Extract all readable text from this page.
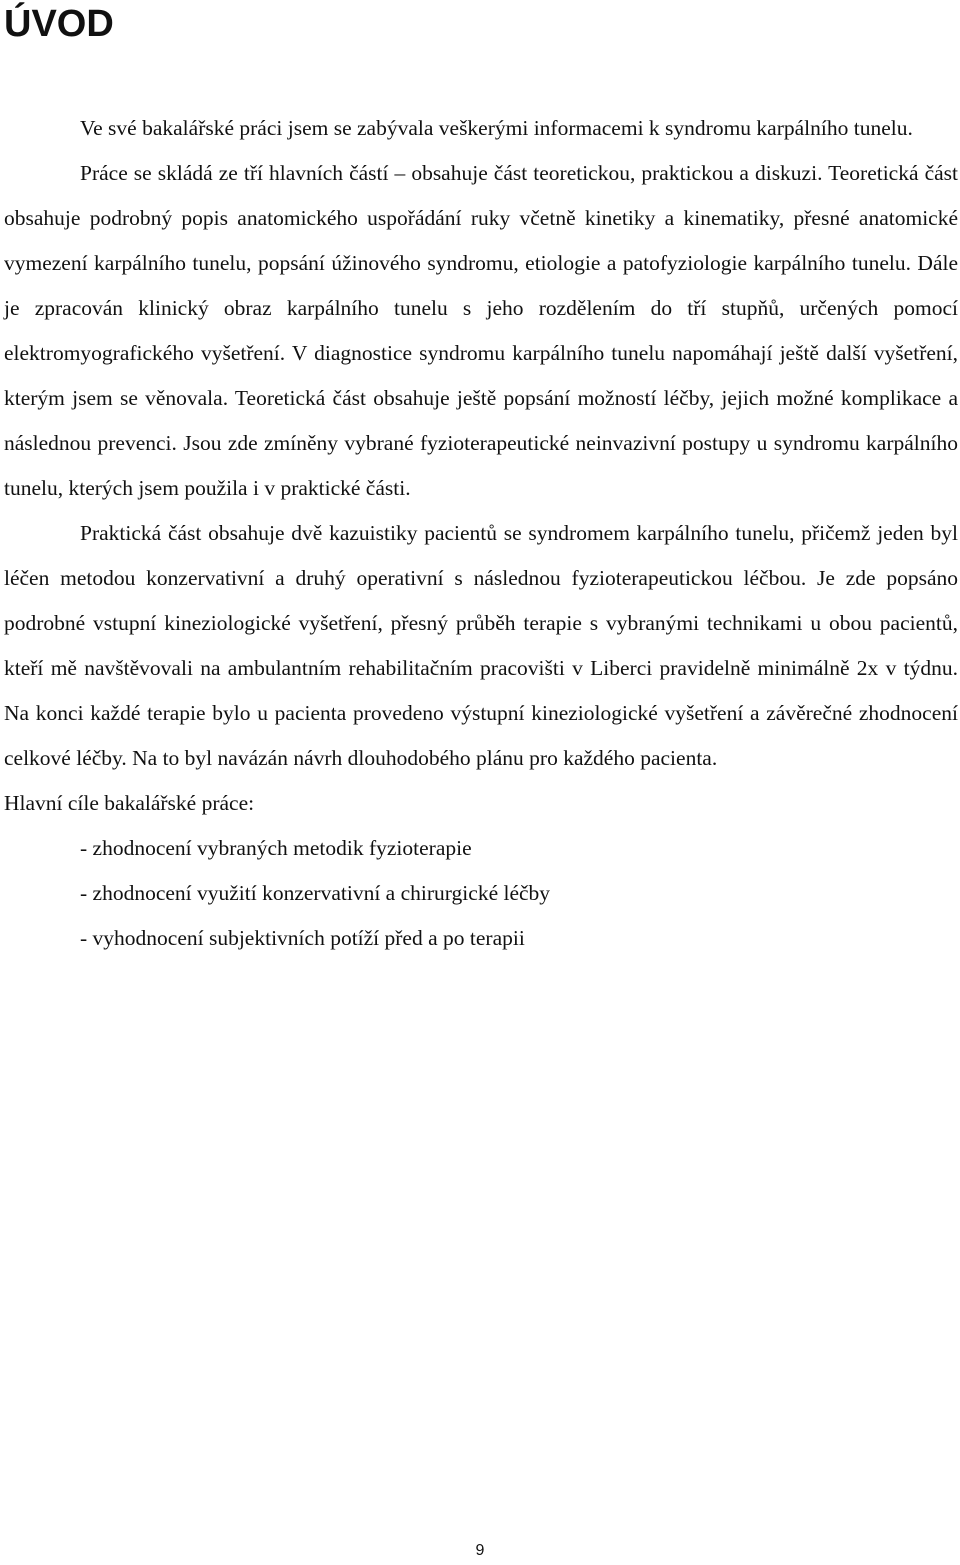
ÚVOD

Ve své bakalářské práci jsem se zabývala veškerými informacemi k syndromu karpálního tunelu.

Práce se skládá ze tří hlavních částí – obsahuje část teoretickou, praktickou a diskuzi. Teoretická část obsahuje podrobný popis anatomického uspořádání ruky včetně kinetiky a kinematiky, přesné anatomické vymezení karpálního tunelu, popsání úžinového syndromu, etiologie a patofyziologie karpálního tunelu. Dále je zpracován klinický obraz karpálního tunelu s jeho rozdělením do tří stupňů, určených pomocí elektromyografického vyšetření. V diagnostice syndromu karpálního tunelu napomáhají ještě další vyšetření, kterým jsem se věnovala. Teoretická část obsahuje ještě popsání možností léčby, jejich možné komplikace a následnou prevenci. Jsou zde zmíněny vybrané fyzioterapeutické neinvazivní postupy u syndromu karpálního tunelu, kterých jsem použila i v praktické části.

Praktická část obsahuje dvě kazuistiky pacientů se syndromem karpálního tunelu, přičemž jeden byl léčen metodou konzervativní a druhý operativní s následnou fyzioterapeutickou léčbou. Je zde popsáno podrobné vstupní kineziologické vyšetření, přesný průběh terapie s vybranými technikami u obou pacientů, kteří mě navštěvovali na ambulantním rehabilitačním pracovišti v Liberci pravidelně minimálně 2x v týdnu. Na konci každé terapie bylo u pacienta provedeno výstupní kineziologické vyšetření a závěrečné zhodnocení celkové léčby. Na to byl navázán návrh dlouhodobého plánu pro každého pacienta.

Hlavní cíle bakalářské práce:

- zhodnocení vybraných metodik fyzioterapie
- zhodnocení využití konzervativní a chirurgické léčby
- vyhodnocení subjektivních potíží před a po terapii
9
